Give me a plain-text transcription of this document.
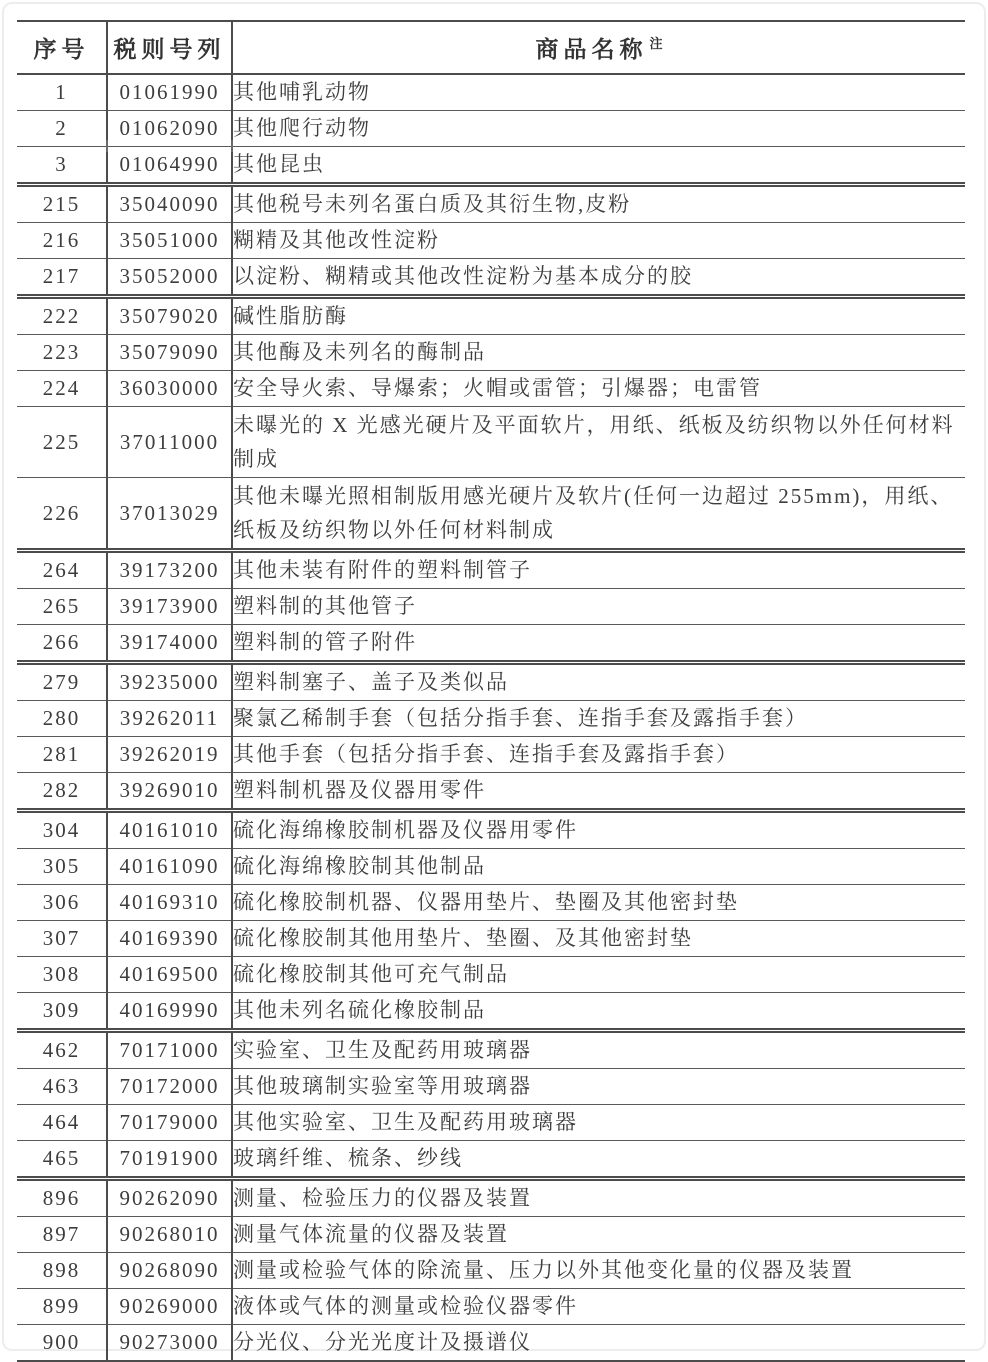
序号	税则号列	商品名称 $^注$
1	01061990	其他哺乳动物
2	01062090	其他爬行动物
3	01064990	其他昆虫
215	35040090	其他税号未列名蛋白质及其衍生物,皮粉
216	35051000	糊精及其他改性淀粉
217	35052000	以淀粉、糊精或其他改性淀粉为基本成分的胶
222	35079020	碱性脂肪酶
223	35079090	其他酶及未列名的酶制品
224	36030000	安全导火索、导爆索；火帽或雷管；引爆器；电雷管
225	37011000	未曝光的 X 光感光硬片及平面软片，用纸、纸板及纺织物以外任何材料制成
226	37013029	其他未曝光照相制版用感光硬片及软片(任何一边超过 255mm)，用纸、纸板及纺织物以外任何材料制成
264	39173200	其他未装有附件的塑料制管子
265	39173900	塑料制的其他管子
266	39174000	塑料制的管子附件
279	39235000	塑料制塞子、盖子及类似品
280	39262011	聚氯乙稀制手套（包括分指手套、连指手套及露指手套）
281	39262019	其他手套（包括分指手套、连指手套及露指手套）
282	39269010	塑料制机器及仪器用零件
304	40161010	硫化海绵橡胶制机器及仪器用零件
305	40161090	硫化海绵橡胶制其他制品
306	40169310	硫化橡胶制机器、仪器用垫片、垫圈及其他密封垫
307	40169390	硫化橡胶制其他用垫片、垫圈、及其他密封垫
308	40169500	硫化橡胶制其他可充气制品
309	40169990	其他未列名硫化橡胶制品
462	70171000	实验室、卫生及配药用玻璃器
463	70172000	其他玻璃制实验室等用玻璃器
464	70179000	其他实验室、卫生及配药用玻璃器
465	70191900	玻璃纤维、梳条、纱线
896	90262090	测量、检验压力的仪器及装置
897	90268010	测量气体流量的仪器及装置
898	90268090	测量或检验气体的除流量、压力以外其他变化量的仪器及装置
899	90269000	液体或气体的测量或检验仪器零件
900	90273000	分光仪、分光光度计及摄谱仪
